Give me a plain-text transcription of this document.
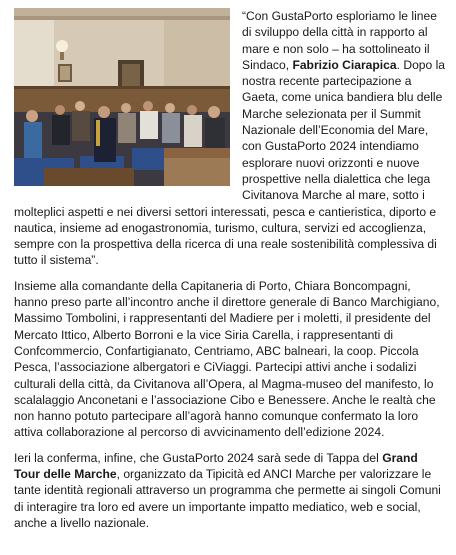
“Con GustaPorto esploriamo le linee di sviluppo della città in rapporto al mare e non solo – ha sottolineato il Sindaco, Fabrizio Ciarapica. Dopo la nostra recente partecipazione a Gaeta, come unica bandiera blu delle Marche selezionata per il Summit Nazionale dell’Economia del Mare, con GustaPorto 2024 intendiamo esplorare nuovi orizzonti e nuove prospettive nella dialettica che lega Civitanova Marche al mare, sotto i molteplici aspetti e nei diversi settori interessati, pesca e cantieristica, diporto e nautica, insieme ad enogastronomia, turismo, cultura, servizi ed accoglienza, sempre con la prospettiva della ricerca di una reale sostenibilità complessiva di tutto il sistema”.

Insieme alla comandante della Capitaneria di Porto, Chiara Boncompagni, hanno preso parte all’incontro anche il direttore generale di Banco Marchigiano, Massimo Tombolini, i rappresentanti del Madiere per i moletti, il presidente del Mercato Ittico, Alberto Borroni e la vice Siria Carella, i rappresentanti di Confcommercio, Confartigianato, Centriamo, ABC balneari, la coop. Piccola Pesca, l’associazione albergatori e CiViaggi. Partecipi attivi anche i sodalizi culturali della città, da Civitanova all’Opera, al Magma-museo del manifesto, lo scalalaggio Anconetani e l’associazione Cibo e Benessere. Anche le realtà che non hanno potuto partecipare all’agorà hanno comunque confermato la loro attiva collaborazione al percorso di avvicinamento dell’edizione 2024.

Ieri la conferma, infine, che GustaPorto 2024 sarà sede di Tappa del Grand Tour delle Marche, organizzato da Tipicità ed ANCI Marche per valorizzare le tante identità regionali attraverso un programma che permette ai singoli Comuni di interagire tra loro ed avere un importante impatto mediatico, web e social, anche a livello nazionale.
